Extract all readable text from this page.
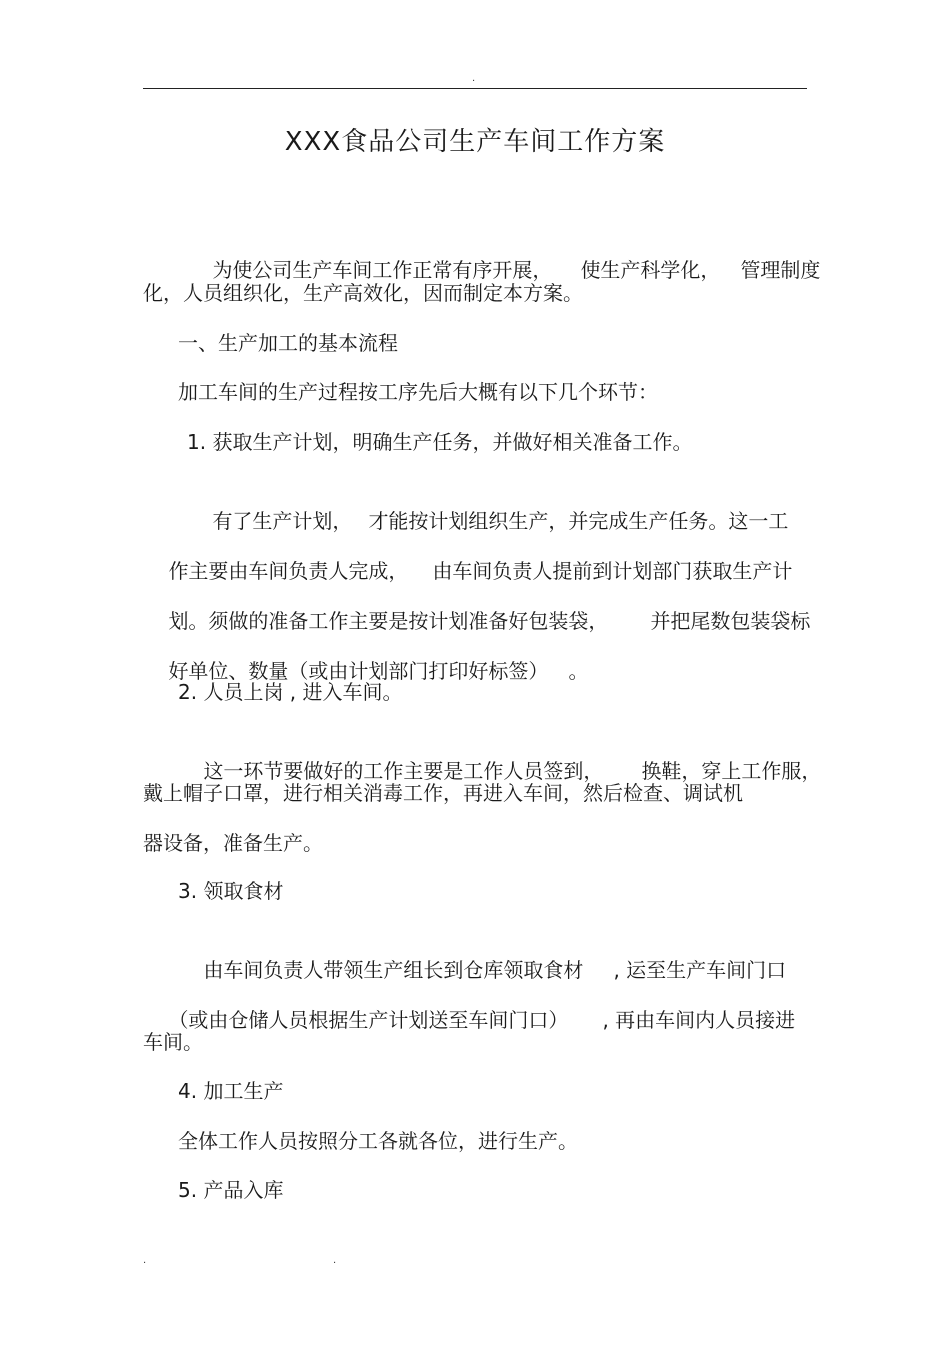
.
XXX食品公司生产车间工作方案

为使公司生产车间工作正常有序开展， 使生产科学化， 管理制度

化，人员组织化，生产高效化，因而制定本方案。
一、生产加工的基本流程
加工车间的生产过程按工序先后大概有以下几个环节：
1. 获取生产计划，明确生产任务，并做好相关准备工作。

有了生产计划， 才能按计划组织生产，并完成生产任务。这一工

作主要由车间负责人完成， 由车间负责人提前到计划部门获取生产计

划。须做的准备工作主要是按计划准备好包装袋， 并把尾数包装袋标

好单位、数量（或由计划部门打印好标签） 。

2. 人员上岗 , 进入车间。

这一环节要做好的工作主要是工作人员签到， 换鞋，穿上工作服，

戴上帽子口罩，进行相关消毒工作，再进入车间，然后检查、调试机
器设备，准备生产。
3. 领取食材

由车间负责人带领生产组长到仓库领取食材 , 运至生产车间门口

（或由仓储人员根据生产计划送至车间门口） , 再由车间内人员接进

车间。
4. 加工生产
全体工作人员按照分工各就各位，进行生产。
5. 产品入库
.	.
